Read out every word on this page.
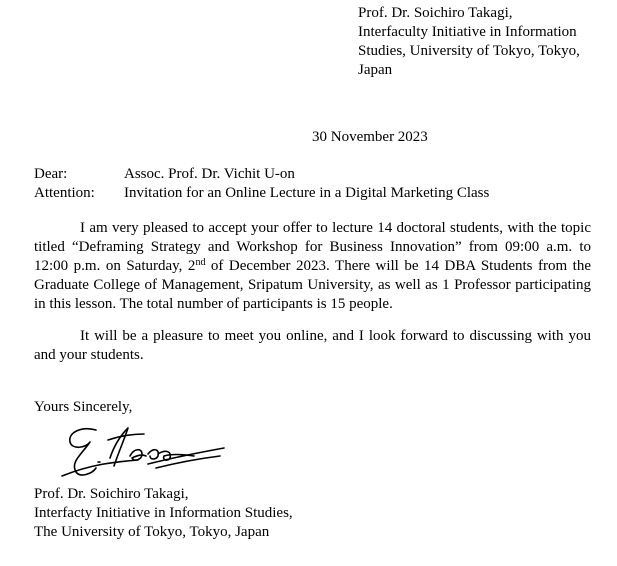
Prof. Dr. Soichiro Takagi,
Interfaculty Initiative in Information
Studies, University of Tokyo, Tokyo,
Japan
30 November 2023
Dear:	Assoc. Prof. Dr. Vichit U-on
Attention:	Invitation for an Online Lecture in a Digital Marketing Class
I am very pleased to accept your offer to lecture 14 doctoral students, with the topic titled “Deframing Strategy and Workshop for Business Innovation” from 09:00 a.m. to 12:00 p.m. on Saturday, 2nd of December 2023. There will be 14 DBA Students from the Graduate College of Management, Sripatum University, as well as 1 Professor participating in this lesson. The total number of participants is 15 people.
It will be a pleasure to meet you online, and I look forward to discussing with you and your students.
Yours Sincerely,
Prof. Dr. Soichiro Takagi,
Interfacty Initiative in Information Studies,
The University of Tokyo, Tokyo, Japan
